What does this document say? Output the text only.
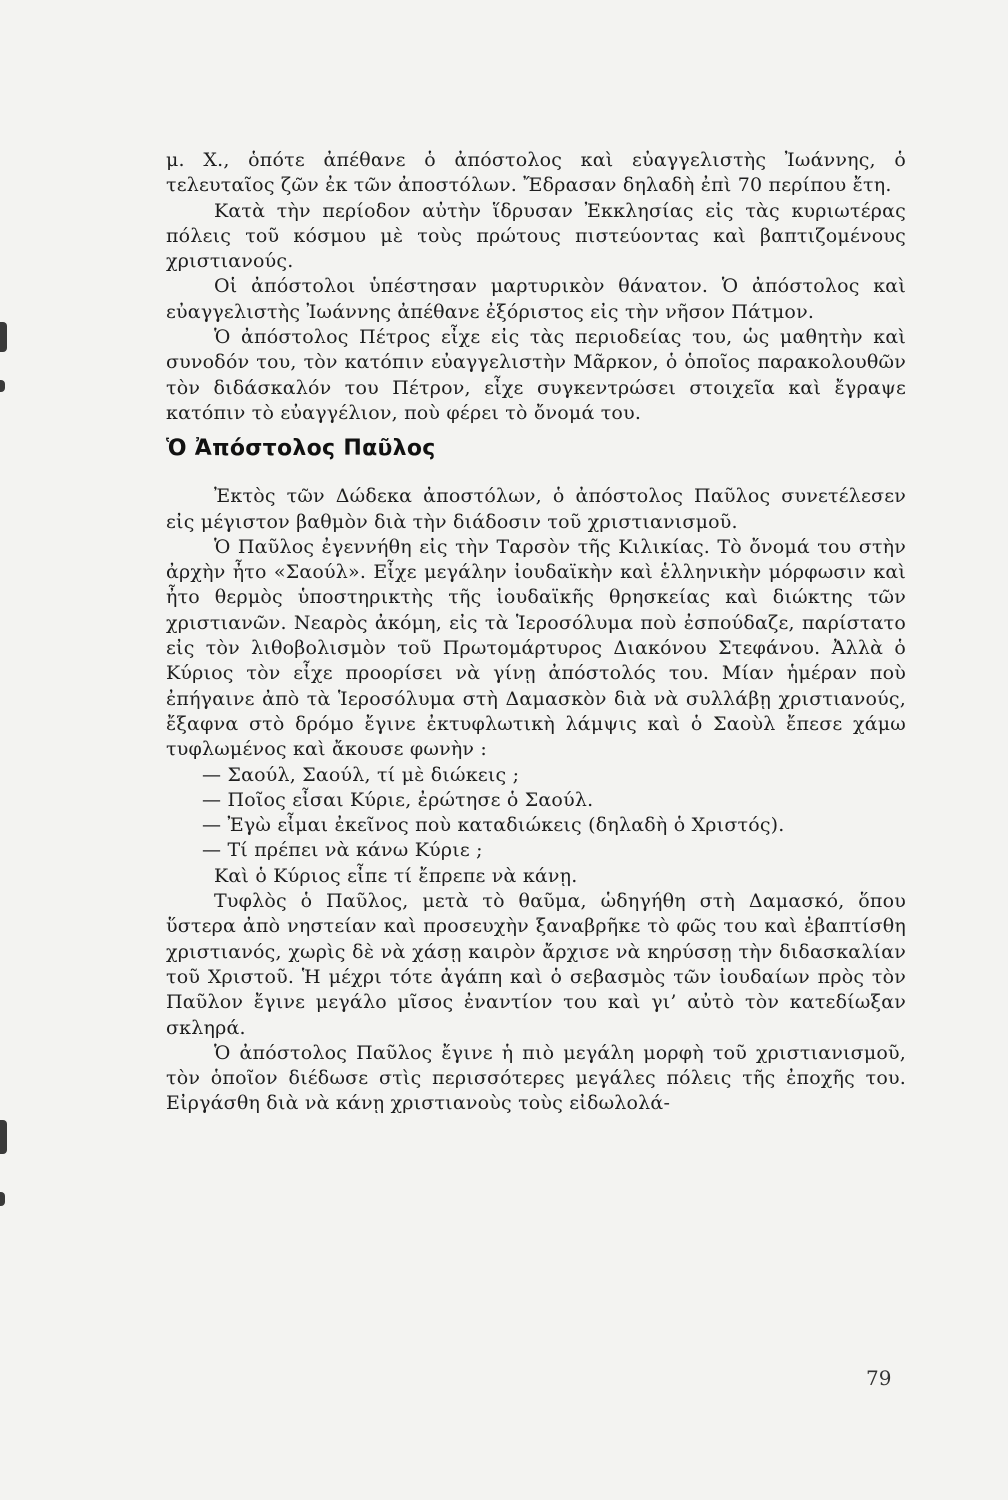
μ. Χ., ὁπότε ἀπέθανε ὁ ἀπόστολος καὶ εὐαγγελιστὴς Ἰωάννης, ὁ τελευταῖος ζῶν ἐκ τῶν ἀποστόλων. Ἔδρασαν δηλαδὴ ἐπὶ 70 περίπου ἔτη.

Κατὰ τὴν περίοδον αὐτὴν ἵδρυσαν Ἐκκλησίας εἰς τὰς κυριωτέρας πόλεις τοῦ κόσμου μὲ τοὺς πρώτους πιστεύοντας καὶ βαπτιζομένους χριστιανούς.

Οἱ ἀπόστολοι ὑπέστησαν μαρτυρικὸν θάνατον. Ὁ ἀπόστολος καὶ εὐαγγελιστὴς Ἰωάννης ἀπέθανε ἐξόριστος εἰς τὴν νῆσον Πάτμον.

Ὁ ἀπόστολος Πέτρος εἶχε εἰς τὰς περιοδείας του, ὡς μαθητὴν καὶ συνοδόν του, τὸν κατόπιν εὐαγγελιστὴν Μᾶρκον, ὁ ὁποῖος παρακολουθῶν τὸν διδάσκαλόν του Πέτρον, εἶχε συγκεντρώσει στοιχεῖα καὶ ἔγραψε κατόπιν τὸ εὐαγγέλιον, ποὺ φέρει τὸ ὄνομά του.

Ὁ Ἀπόστολος Παῦλος

Ἐκτὸς τῶν Δώδεκα ἀποστόλων, ὁ ἀπόστολος Παῦλος συνετέλεσεν εἰς μέγιστον βαθμὸν διὰ τὴν διάδοσιν τοῦ χριστιανισμοῦ.

Ὁ Παῦλος ἐγεννήθη εἰς τὴν Ταρσὸν τῆς Κιλικίας. Τὸ ὄνομά του στὴν ἀρχὴν ἦτο «Σαούλ». Εἶχε μεγάλην ἰουδαϊκὴν καὶ ἑλληνικὴν μόρφωσιν καὶ ἦτο θερμὸς ὑποστηρικτὴς τῆς ἰουδαϊκῆς θρησκείας καὶ διώκτης τῶν χριστιανῶν. Νεαρὸς ἀκόμη, εἰς τὰ Ἱεροσόλυμα ποὺ ἐσπούδαζε, παρίστατο εἰς τὸν λιθοβολισμὸν τοῦ Πρωτομάρτυρος Διακόνου Στεφάνου. Ἀλλὰ ὁ Κύριος τὸν εἶχε προορίσει νὰ γίνῃ ἀπόστολός του. Μίαν ἡμέραν ποὺ ἐπήγαινε ἀπὸ τὰ Ἱεροσόλυμα στὴ Δαμασκὸν διὰ νὰ συλλάβῃ χριστιανούς, ἔξαφνα στὸ δρόμο ἔγινε ἐκτυφλωτικὴ λάμψις καὶ ὁ Σαοὺλ ἔπεσε χάμω τυφλωμένος καὶ ἄκουσε φωνὴν :

— Σαούλ, Σαούλ, τί μὲ διώκεις ;

— Ποῖος εἶσαι Κύριε, ἐρώτησε ὁ Σαούλ.

— Ἐγὼ εἶμαι ἐκεῖνος ποὺ καταδιώκεις (δηλαδὴ ὁ Χριστός).

— Τί πρέπει νὰ κάνω Κύριε ;

Καὶ ὁ Κύριος εἶπε τί ἔπρεπε νὰ κάνῃ.

Τυφλὸς ὁ Παῦλος, μετὰ τὸ θαῦμα, ὡδηγήθη στὴ Δαμασκό, ὅπου ὕστερα ἀπὸ νηστείαν καὶ προσευχὴν ξαναβρῆκε τὸ φῶς του καὶ ἐβαπτίσθη χριστιανός, χωρὶς δὲ νὰ χάσῃ καιρὸν ἄρχισε νὰ κηρύσσῃ τὴν διδασκαλίαν τοῦ Χριστοῦ. Ἡ μέχρι τότε ἀγάπη καὶ ὁ σεβασμὸς τῶν ἰουδαίων πρὸς τὸν Παῦλον ἔγινε μεγάλο μῖσος ἐναντίον του καὶ γι’ αὐτὸ τὸν κατεδίωξαν σκληρά.

Ὁ ἀπόστολος Παῦλος ἔγινε ἡ πιὸ μεγάλη μορφὴ τοῦ χριστιανισμοῦ, τὸν ὁποῖον διέδωσε στὶς περισσότερες μεγάλες πόλεις τῆς ἐποχῆς του. Εἰργάσθη διὰ νὰ κάνῃ χριστιανοὺς τοὺς εἰδωλολά-

79
